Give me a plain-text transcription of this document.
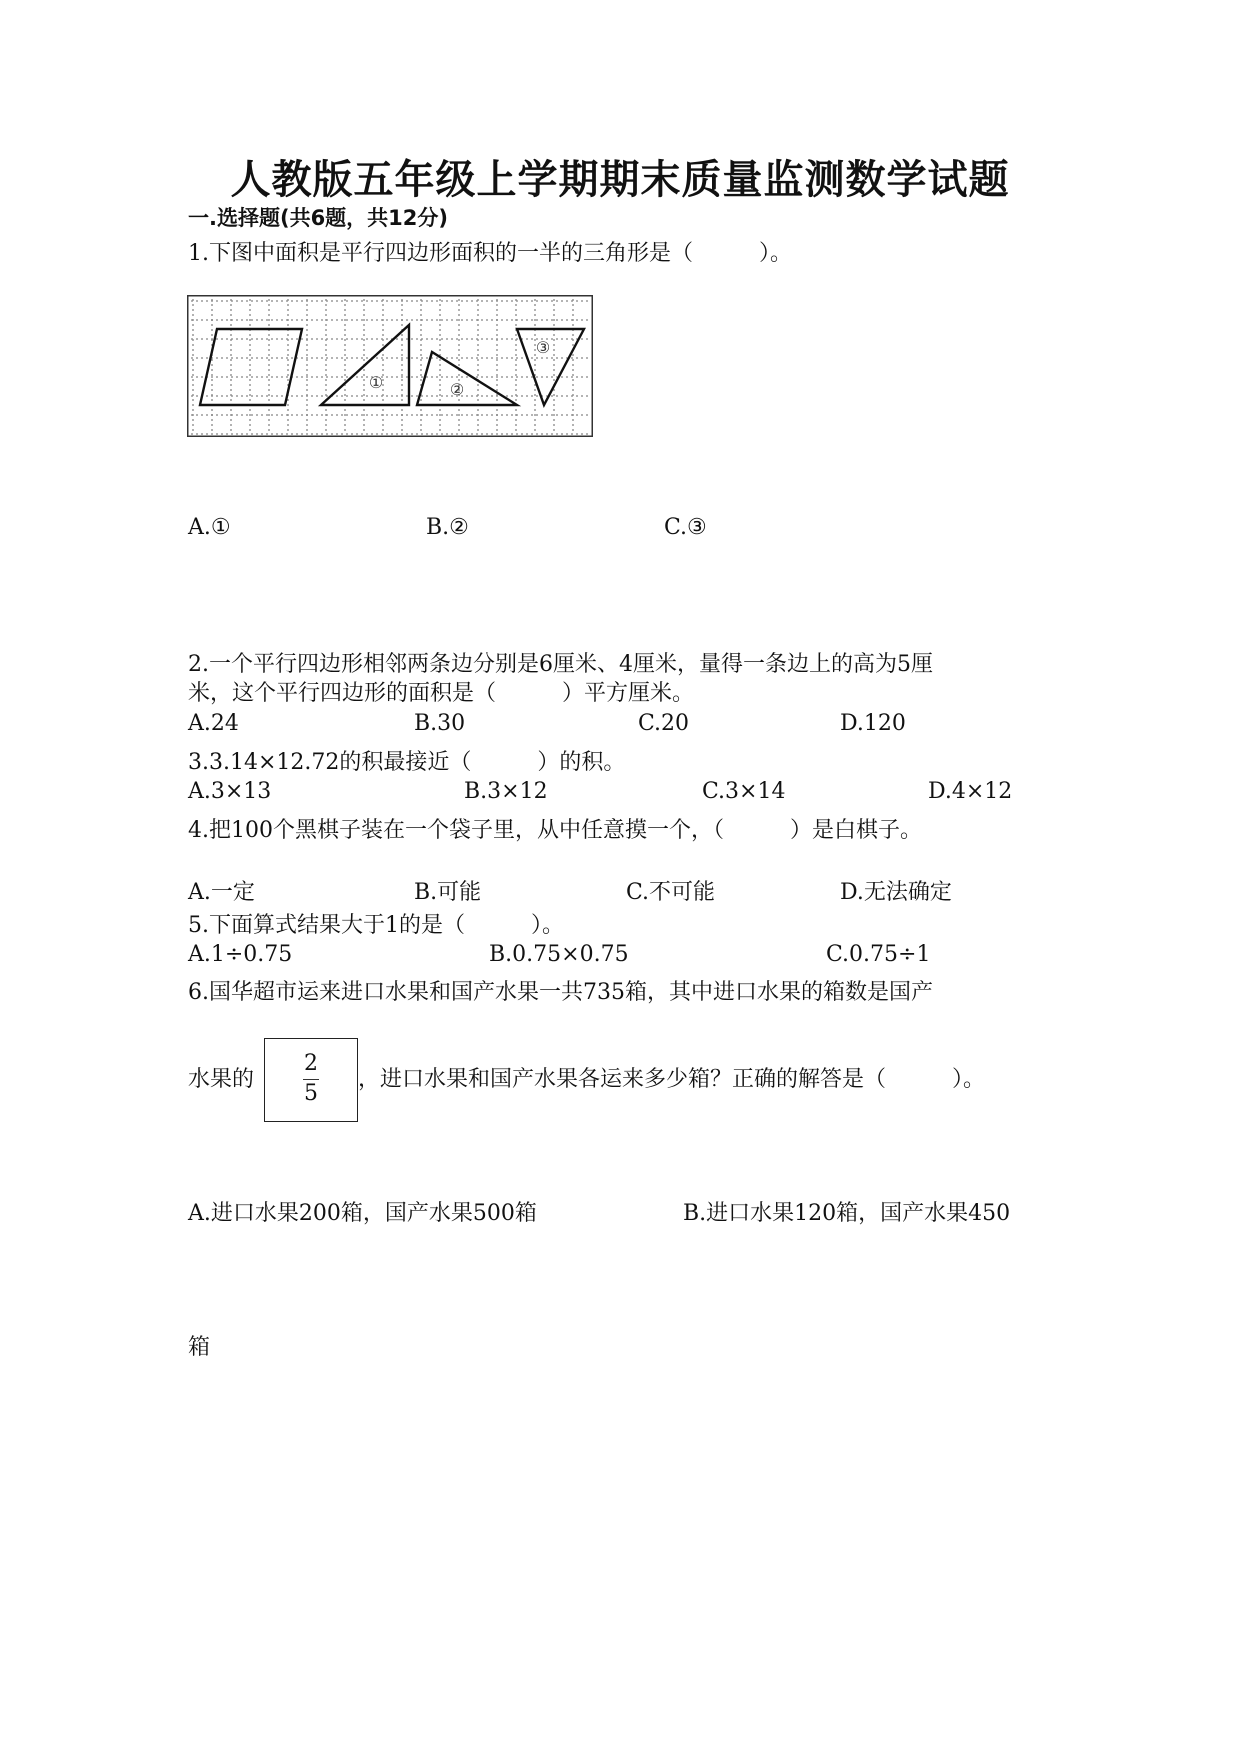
人教版五年级上学期期末质量监测数学试题
一.选择题(共6题，共12分)
1.下图中面积是平行四边形面积的一半的三角形是（　　　）。
①	②
③
A.①	B.②	C.③
2.一个平行四边形相邻两条边分别是6厘米、4厘米，量得一条边上的高为5厘
米，这个平行四边形的面积是（　　　）平方厘米。
A.24	B.30	C.20	D.120
3.3.14×12.72的积最接近（　　　）的积。
A.3×13	B.3×12	C.3×14	D.4×12
4.把100个黑棋子装在一个袋子里，从中任意摸一个，（　　　）是白棋子。
A.一定	B.可能	C.不可能	D.无法确定
5.下面算式结果大于1的是（　　　）。
A.1÷0.75	B.0.75×0.75	C.0.75÷1
6.国华超市运来进口水果和国产水果一共735箱，其中进口水果的箱数是国产
水果的
2
5
，进口水果和国产水果各运来多少箱？正确的解答是（　　　）。
A.进口水果200箱，国产水果500箱	B.进口水果120箱，国产水果450
箱
